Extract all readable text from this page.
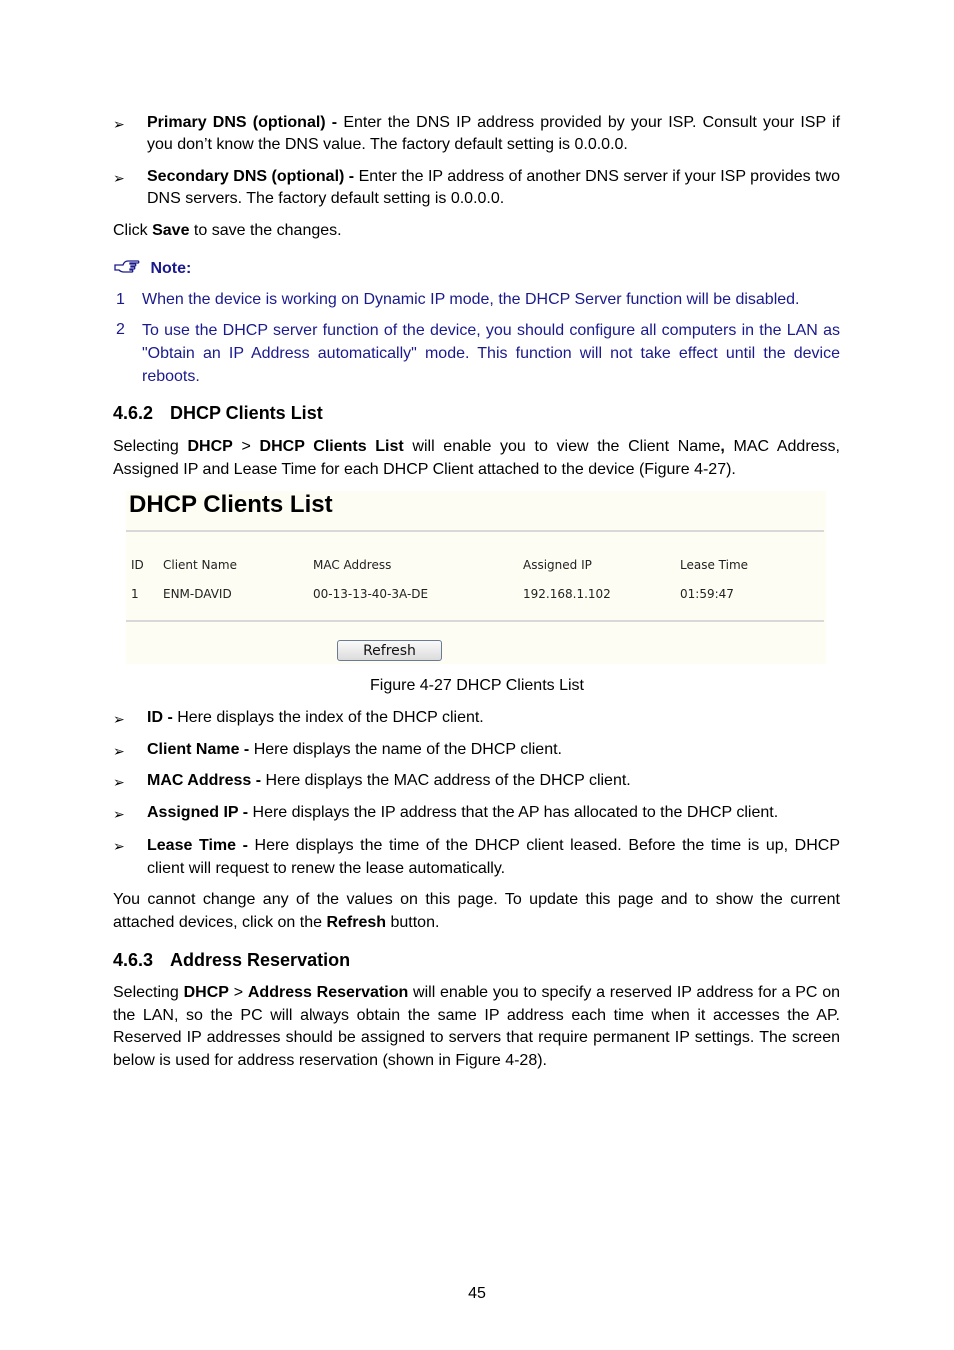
➢ Primary DNS (optional) - Enter the DNS IP address provided by your ISP. Consult your ISP if you don’t know the DNS value. The factory default setting is 0.0.0.0.
➢ Secondary DNS (optional) - Enter the IP address of another DNS server if your ISP provides two DNS servers. The factory default setting is 0.0.0.0.
Click Save to save the changes.
Note:
1 When the device is working on Dynamic IP mode, the DHCP Server function will be disabled.
2 To use the DHCP server function of the device, you should configure all computers in the LAN as "Obtain an IP Address automatically" mode. This function will not take effect until the device reboots.
4.6.2 DHCP Clients List
Selecting DHCP > DHCP Clients List will enable you to view the Client Name, MAC Address, Assigned IP and Lease Time for each DHCP Client attached to the device (Figure 4-27).
DHCP Clients List
ID Client Name	MAC Address	Assigned IP	Lease Time
1 ENM-DAVID	00-13-13-40-3A-DE	192.168.1.102	01:59:47
Refresh
Figure 4-27 DHCP Clients List
➢ ID - Here displays the index of the DHCP client.
➢ Client Name - Here displays the name of the DHCP client.
➢ MAC Address - Here displays the MAC address of the DHCP client.
➢ Assigned IP - Here displays the IP address that the AP has allocated to the DHCP client.
➢ Lease Time - Here displays the time of the DHCP client leased. Before the time is up, DHCP client will request to renew the lease automatically.
You cannot change any of the values on this page. To update this page and to show the current attached devices, click on the Refresh button.
4.6.3 Address Reservation
Selecting DHCP > Address Reservation will enable you to specify a reserved IP address for a PC on the LAN, so the PC will always obtain the same IP address each time when it accesses the AP. Reserved IP addresses should be assigned to servers that require permanent IP settings. The screen below is used for address reservation (shown in Figure 4-28).
45
